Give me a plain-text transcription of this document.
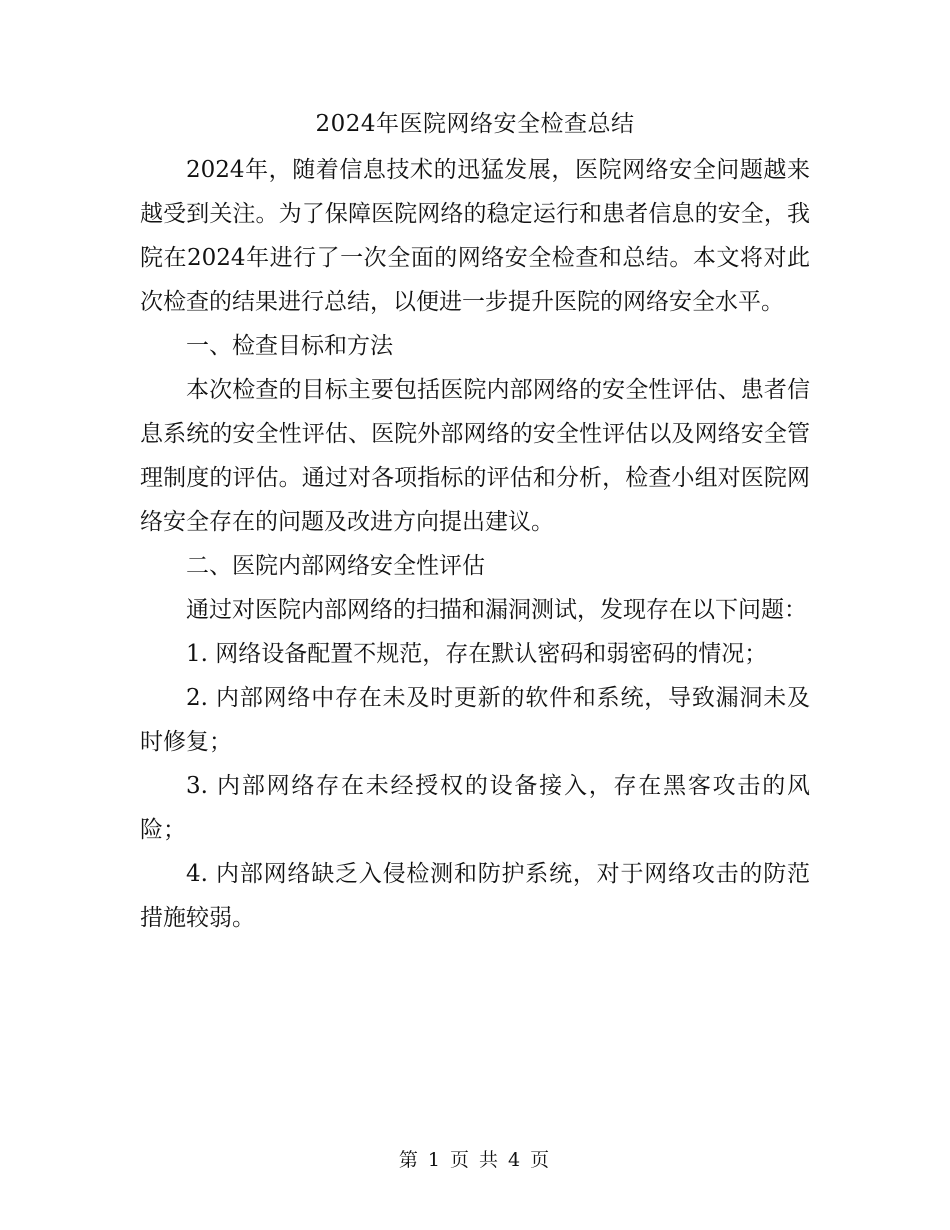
2024年医院网络安全检查总结

2024年，随着信息技术的迅猛发展，医院网络安全问题越来越受到关注。为了保障医院网络的稳定运行和患者信息的安全，我院在2024年进行了一次全面的网络安全检查和总结。本文将对此次检查的结果进行总结，以便进一步提升医院的网络安全水平。

一、检查目标和方法

本次检查的目标主要包括医院内部网络的安全性评估、患者信息系统的安全性评估、医院外部网络的安全性评估以及网络安全管理制度的评估。通过对各项指标的评估和分析，检查小组对医院网络安全存在的问题及改进方向提出建议。

二、医院内部网络安全性评估

通过对医院内部网络的扫描和漏洞测试，发现存在以下问题：

1. 网络设备配置不规范，存在默认密码和弱密码的情况；

2. 内部网络中存在未及时更新的软件和系统，导致漏洞未及时修复；

3. 内部网络存在未经授权的设备接入，存在黑客攻击的风险；

4. 内部网络缺乏入侵检测和防护系统，对于网络攻击的防范措施较弱。

第 1 页 共 4 页
